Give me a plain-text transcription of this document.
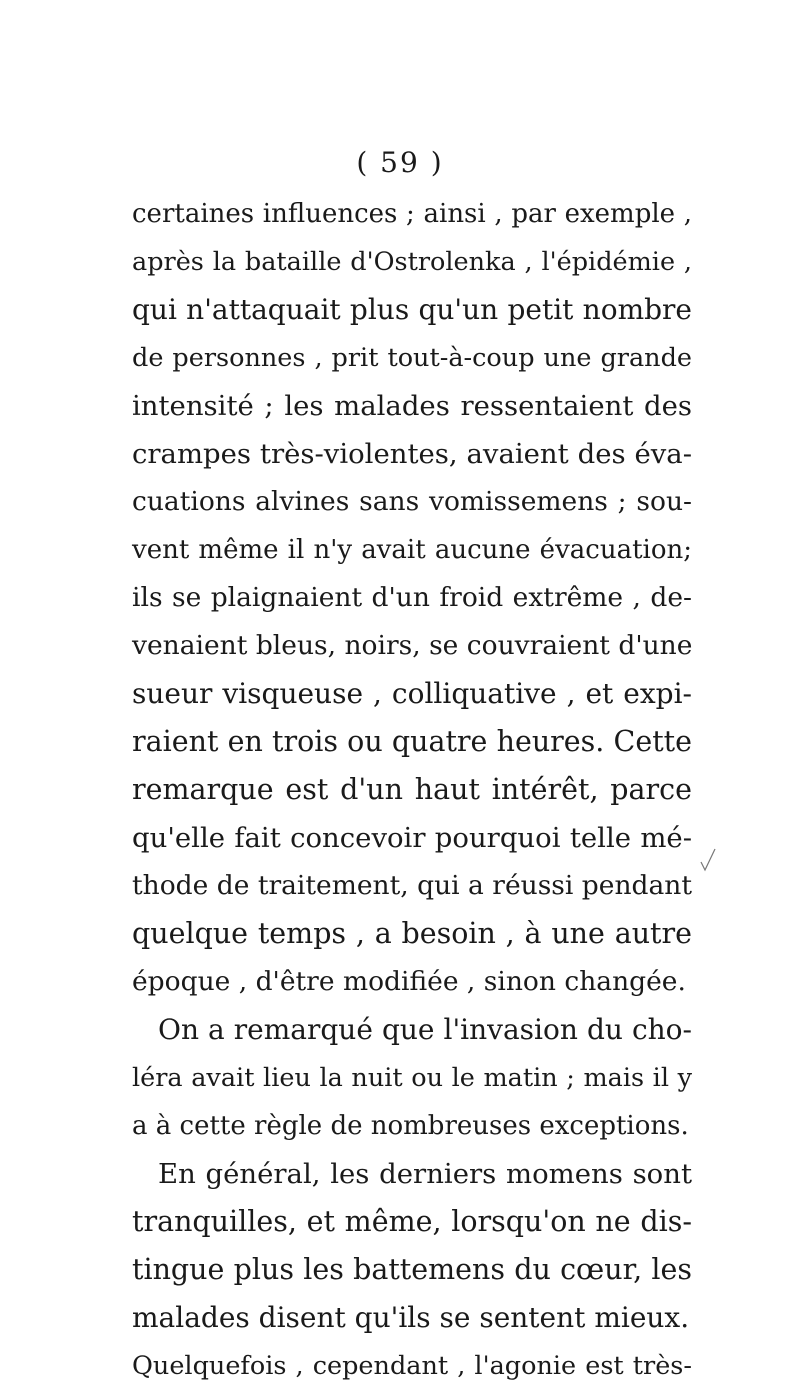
( 59 )
certaines influences ; ainsi , par exemple ,
après la bataille d'Ostrolenka , l'épidémie ,
qui n'attaquait plus qu'un petit nombre
de personnes , prit tout-à-coup une grande
intensité ; les malades ressentaient des
crampes très-violentes, avaient des éva-
cuations alvines sans vomissemens ; sou-
vent même il n'y avait aucune évacuation;
ils se plaignaient d'un froid extrême , de-
venaient bleus, noirs, se couvraient d'une
sueur visqueuse , colliquative , et expi-
raient en trois ou quatre heures. Cette
remarque est d'un haut intérêt, parce
qu'elle fait concevoir pourquoi telle mé-
thode de traitement, qui a réussi pendant
quelque temps , a besoin , à une autre
époque , d'être modifiée , sinon changée.
On a remarqué que l'invasion du cho-
léra avait lieu la nuit ou le matin ; mais il y
a à cette règle de nombreuses exceptions.
En général, les derniers momens sont
tranquilles, et même, lorsqu'on ne dis-
tingue plus les battemens du cœur, les
malades disent qu'ils se sentent mieux.
Quelquefois , cependant , l'agonie est très-
